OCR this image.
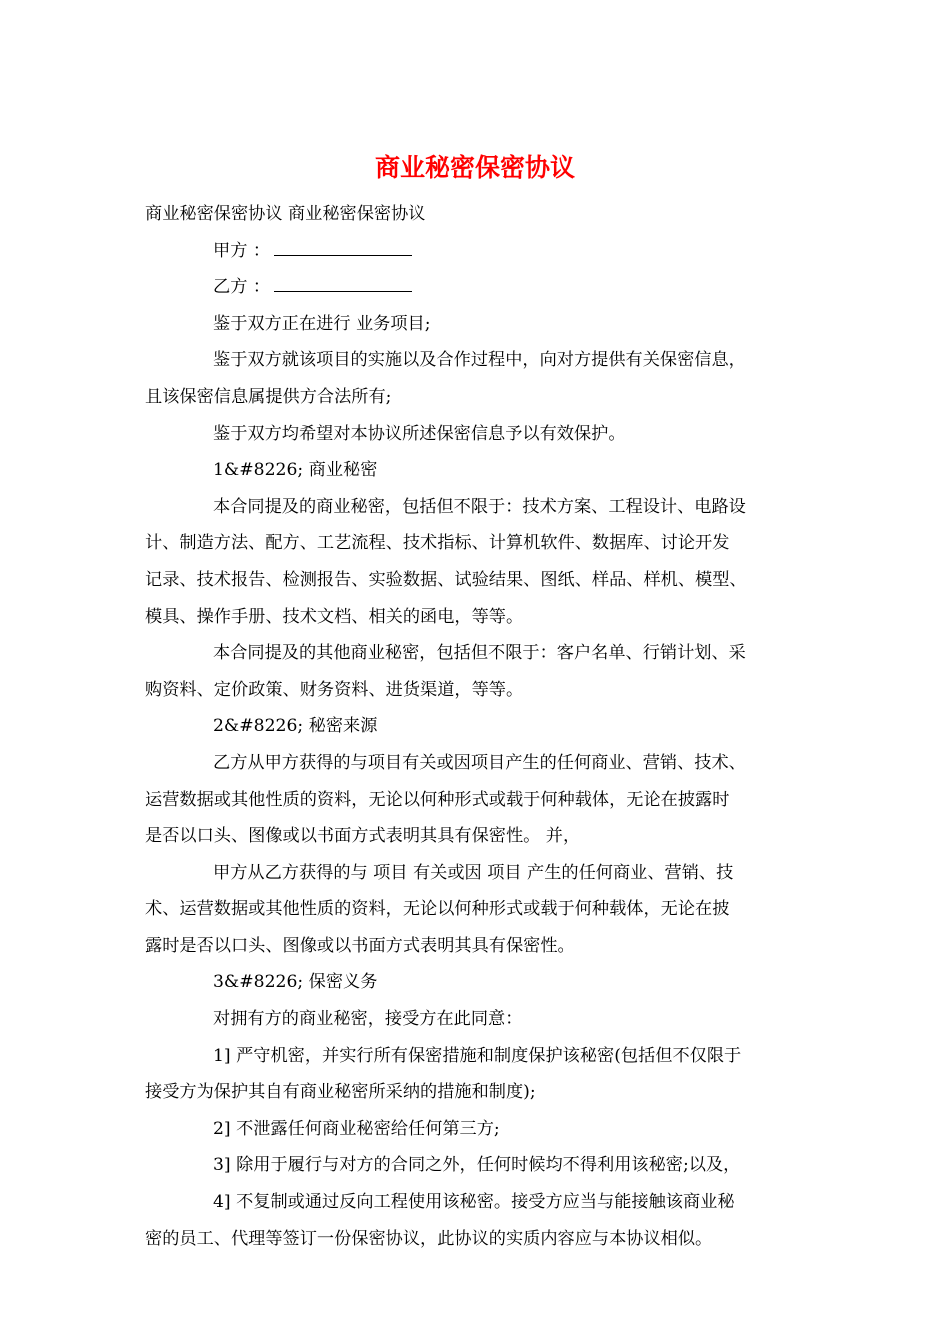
商业秘密保密协议
商业秘密保密协议 商业秘密保密协议
甲方 ：
乙方 ：
鉴于双方正在进行 业务项目;
鉴于双方就该项目的实施以及合作过程中，向对方提供有关保密信息，
且该保密信息属提供方合法所有;
鉴于双方均希望对本协议所述保密信息予以有效保护。
1&#8226; 商业秘密
本合同提及的商业秘密，包括但不限于：技术方案、工程设计、电路设
计、制造方法、配方、工艺流程、技术指标、计算机软件、数据库、讨论开发
记录、技术报告、检测报告、实验数据、试验结果、图纸、样品、样机、模型、
模具、操作手册、技术文档、相关的函电，等等。
本合同提及的其他商业秘密，包括但不限于：客户名单、行销计划、采
购资料、定价政策、财务资料、进货渠道，等等。
2&#8226; 秘密来源
乙方从甲方获得的与项目有关或因项目产生的任何商业、营销、技术、
运营数据或其他性质的资料，无论以何种形式或载于何种载体，无论在披露时
是否以口头、图像或以书面方式表明其具有保密性。 并，
甲方从乙方获得的与 项目 有关或因 项目 产生的任何商业、营销、技
术、运营数据或其他性质的资料，无论以何种形式或载于何种载体，无论在披
露时是否以口头、图像或以书面方式表明其具有保密性。
3&#8226; 保密义务
对拥有方的商业秘密，接受方在此同意：
1] 严守机密，并实行所有保密措施和制度保护该秘密(包括但不仅限于
接受方为保护其自有商业秘密所采纳的措施和制度);
2] 不泄露任何商业秘密给任何第三方;
3] 除用于履行与对方的合同之外，任何时候均不得利用该秘密;以及，
4] 不复制或通过反向工程使用该秘密。接受方应当与能接触该商业秘
密的员工、代理等签订一份保密协议，此协议的实质内容应与本协议相似。
